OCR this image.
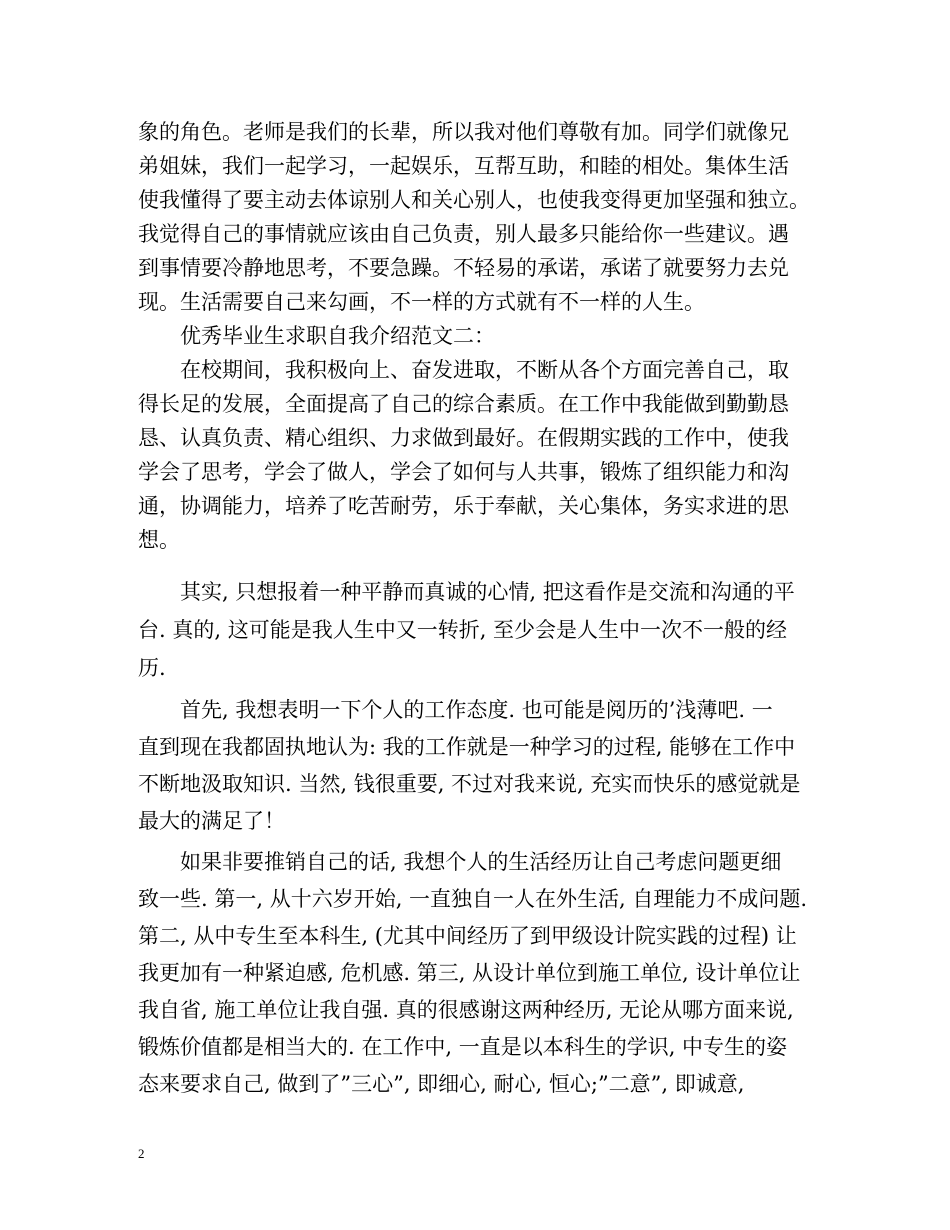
象的角色。老师是我们的长辈，所以我对他们尊敬有加。同学们就像兄
弟姐妹，我们一起学习，一起娱乐，互帮互助，和睦的相处。集体生活
使我懂得了要主动去体谅别人和关心别人，也使我变得更加坚强和独立。
我觉得自己的事情就应该由自己负责，别人最多只能给你一些建议。遇
到事情要冷静地思考，不要急躁。不轻易的承诺，承诺了就要努力去兑
现。生活需要自己来勾画，不一样的方式就有不一样的人生。
优秀毕业生求职自我介绍范文二：
在校期间，我积极向上、奋发进取，不断从各个方面完善自己，取
得长足的发展，全面提高了自己的综合素质。在工作中我能做到勤勤恳
恳、认真负责、精心组织、力求做到最好。在假期实践的工作中，使我
学会了思考，学会了做人，学会了如何与人共事，锻炼了组织能力和沟
通，协调能力，培养了吃苦耐劳，乐于奉献，关心集体，务实求进的思
想。
其实, 只想报着一种平静而真诚的心情, 把这看作是交流和沟通的平
台. 真的, 这可能是我人生中又一转折, 至少会是人生中一次不一般的经
历.
首先, 我想表明一下个人的工作态度. 也可能是阅历的’浅薄吧. 一
直到现在我都固执地认为: 我的工作就是一种学习的过程, 能够在工作中
不断地汲取知识. 当然, 钱很重要, 不过对我来说, 充实而快乐的感觉就是
最大的满足了！
如果非要推销自己的话, 我想个人的生活经历让自己考虑问题更细
致一些. 第一, 从十六岁开始, 一直独自一人在外生活, 自理能力不成问题.
第二, 从中专生至本科生, (尤其中间经历了到甲级设计院实践的过程) 让
我更加有一种紧迫感, 危机感. 第三, 从设计单位到施工单位, 设计单位让
我自省, 施工单位让我自强. 真的很感谢这两种经历, 无论从哪方面来说,
锻炼价值都是相当大的. 在工作中, 一直是以本科生的学识, 中专生的姿
态来要求自己, 做到了”三心”, 即细心, 耐心, 恒心;”二意”, 即诚意,
2
